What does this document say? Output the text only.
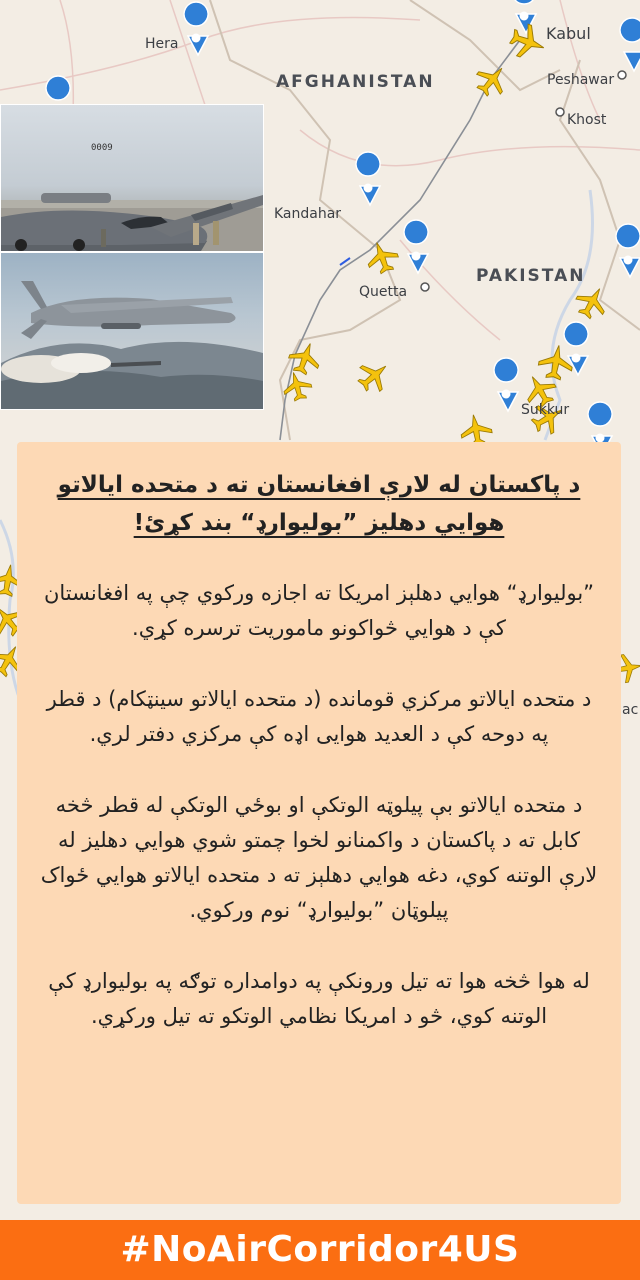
AFGHANISTAN
PAKISTAN
Hera
Kabul
Peshawar
Khost
Kandahar
Quetta
Sukkur
ac
0009
د پاکستان له لارې افغانستان ته د متحده ایالاتو هوایي دهلیز ”بولیوارډ“ بند کړئ!

”بولیوارډ“ هوایي دهلېز امریکا ته اجازه ورکوي چې په افغانستان کې د هوایي څواکونو ماموریت ترسره کړي.

د متحده ایالاتو مرکزي قوماندە (د متحده ایالاتو سینټکام) د قطر په دوحه کې د العدید هوایی اډه کې مرکزي دفتر لري.

د متحده ایالاتو بې پیلوټه الوتکې او بوځي الوتکې له قطر څخه کابل ته د پاکستان د واکمنانو لخوا چمتو شوي هوايي دهلیز له لارې الوتنه کوي، دغه هوايي دهلېز ته د متحده ایالاتو هوایي ځواک پیلوټان ”بولیوارډ“ نوم ورکوي.

له هوا څخه هوا ته تيل ورونکې په دوامداره توګه په بولیوارډ کې الوتنه کوي، څو د امریکا نظامي الوتکو ته تیل ورکړي.

#NoAirCorridor4US
